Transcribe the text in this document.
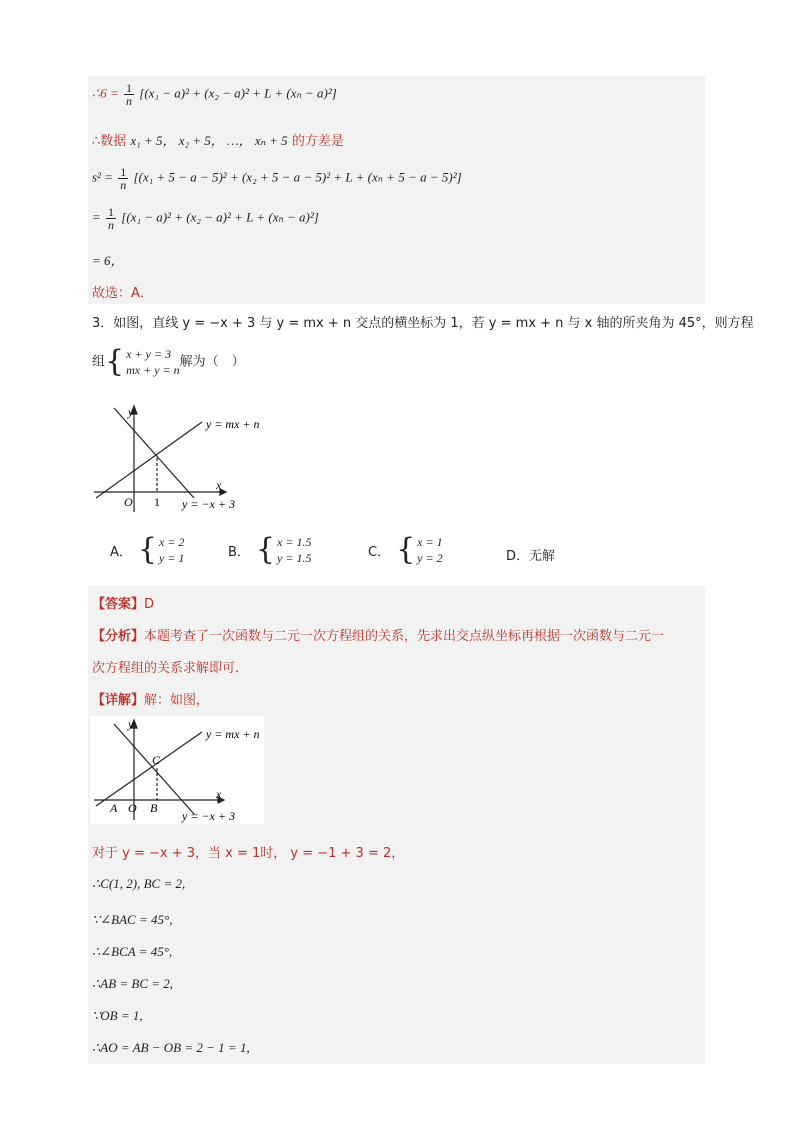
∴6 = $\frac{1}{n} [(x_1 - a)^2 + (x_2 - a)^2 + L + (x_n - a)^2]$
∴数据 x₁ + 5， x₂ + 5， …， xₙ + 5 的方差是
$s^2 = \frac{1}{n} [(x_1 + 5 - a - 5)^2 + (x_2 + 5 - a - 5)^2 + L + (x_n + 5 - a - 5)^2]$
= $\frac{1}{n} [(x_1 - a)^2 + (x_2 - a)^2 + L + (x_n - a)^2]$
= 6，
故选：A．
3．如图，直线 y = −x + 3 与 y = mx + n 交点的横坐标为 1，若 y = mx + n 与 x 轴的所夹角为 45°，则方程
组{ x + y = 3
mx + y = n
解为（　）
y
x
O 1
y = mx + n
y = −x + 3
A． { x = 2
y = 1	B． { x = 1.5
y = 1.5	C． { x = 1
y = 2	D．无解
【答案】D
【分析】本题考查了一次函数与二元一次方程组的关系，先求出交点纵坐标再根据一次函数与二元一
次方程组的关系求解即可．
【详解】解：如图，
y
x
A O B
C
y = mx + n
y = −x + 3
对于 y = −x + 3，当 x = 1时， y = −1 + 3 = 2，
∴C(1, 2), BC = 2,
∵∠BAC = 45°,
∴∠BCA = 45°,
∴AB = BC = 2,
∵OB = 1,
∴AO = AB − OB = 2 − 1 = 1,
